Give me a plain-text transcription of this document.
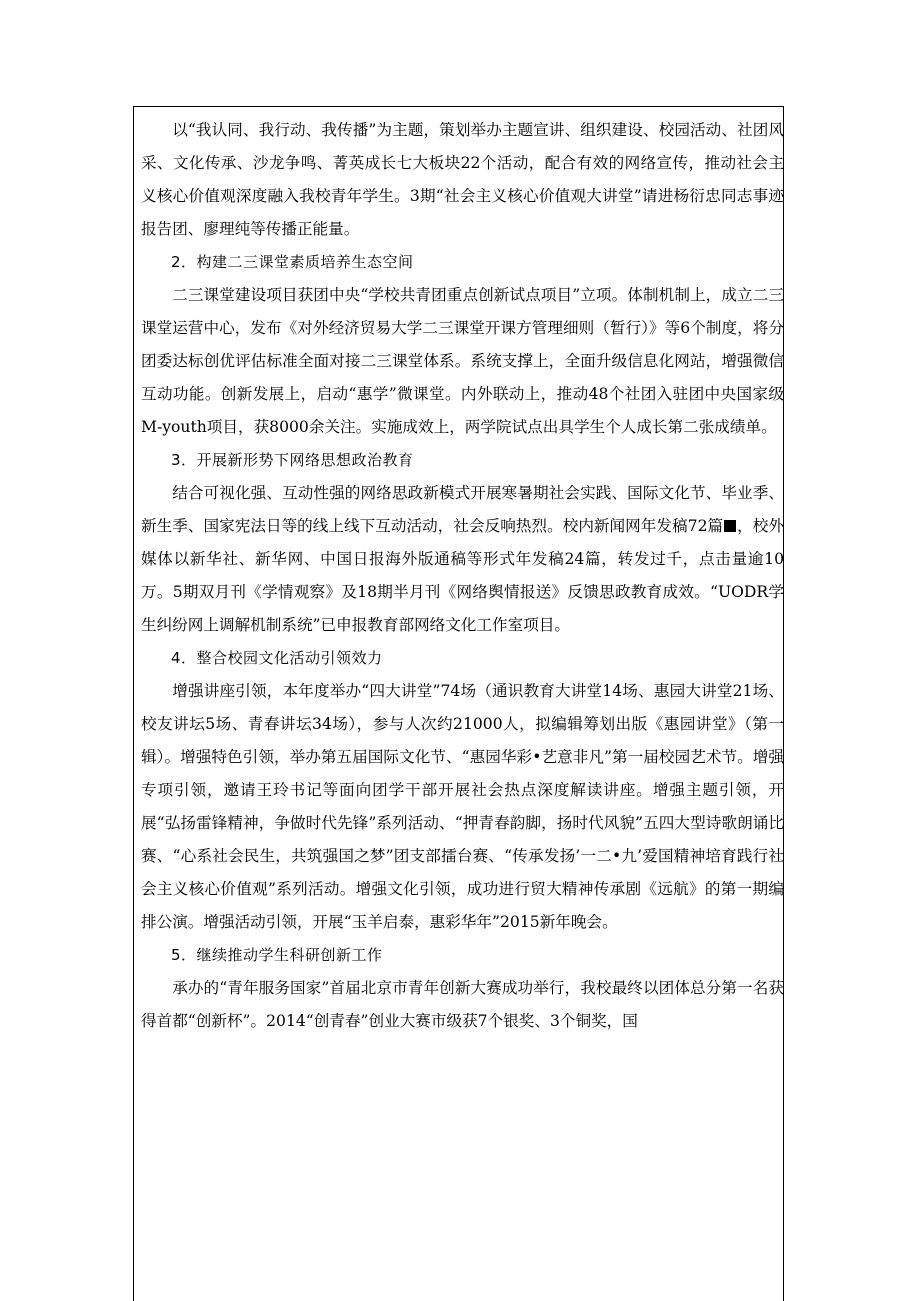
以“我认同、我行动、我传播”为主题，策划举办主题宣讲、组织建设、校园活动、社团风采、文化传承、沙龙争鸣、菁英成长七大板块22个活动，配合有效的网络宣传，推动社会主义核心价值观深度融入我校青年学生。3期“社会主义核心价值观大讲堂”请进杨衍忠同志事迹报告团、廖理纯等传播正能量。

2．构建二三课堂素质培养生态空间

二三课堂建设项目获团中央“学校共青团重点创新试点项目”立项。体制机制上，成立二三课堂运营中心，发布《对外经济贸易大学二三课堂开课方管理细则（暂行）》等6个制度，将分团委达标创优评估标准全面对接二三课堂体系。系统支撑上，全面升级信息化网站，增强微信互动功能。创新发展上，启动“惠学”微课堂。内外联动上，推动48个社团入驻团中央国家级M-youth项目，获8000余关注。实施成效上，两学院试点出具学生个人成长第二张成绩单。

3．开展新形势下网络思想政治教育

结合可视化强、互动性强的网络思政新模式开展寒暑期社会实践、国际文化节、毕业季、新生季、国家宪法日等的线上线下互动活动，社会反响热烈。校内新闻网年发稿72篇 ，校外媒体以新华社、新华网、中国日报海外版通稿等形式年发稿24篇，转发过千，点击量逾10万。5期双月刊《学情观察》及18期半月刊《网络舆情报送》反馈思政教育成效。“UODR学生纠纷网上调解机制系统”已申报教育部网络文化工作室项目。

4．整合校园文化活动引领效力

增强讲座引领，本年度举办“四大讲堂”74场（通识教育大讲堂14场、惠园大讲堂21场、校友讲坛5场、青春讲坛34场），参与人次约21000人，拟编辑筹划出版《惠园讲堂》（第一辑）。增强特色引领，举办第五届国际文化节、“惠园华彩•艺意非凡”第一届校园艺术节。增强专项引领，邀请王玲书记等面向团学干部开展社会热点深度解读讲座。增强主题引领，开展“弘扬雷锋精神，争做时代先锋”系列活动、“押青春韵脚，扬时代风貌”五四大型诗歌朗诵比赛、“心系社会民生，共筑强国之梦”团支部擂台赛、“传承发扬’一二•九’爱国精神培育践行社会主义核心价值观”系列活动。增强文化引领，成功进行贸大精神传承剧《远航》的第一期编排公演。增强活动引领，开展“玉羊启泰，惠彩华年”2015新年晚会。

5．继续推动学生科研创新工作

承办的“青年服务国家”首届北京市青年创新大赛成功举行，我校最终以团体总分第一名获得首都“创新杯”。2014“创青春”创业大赛市级获7个银奖、3个铜奖，国
